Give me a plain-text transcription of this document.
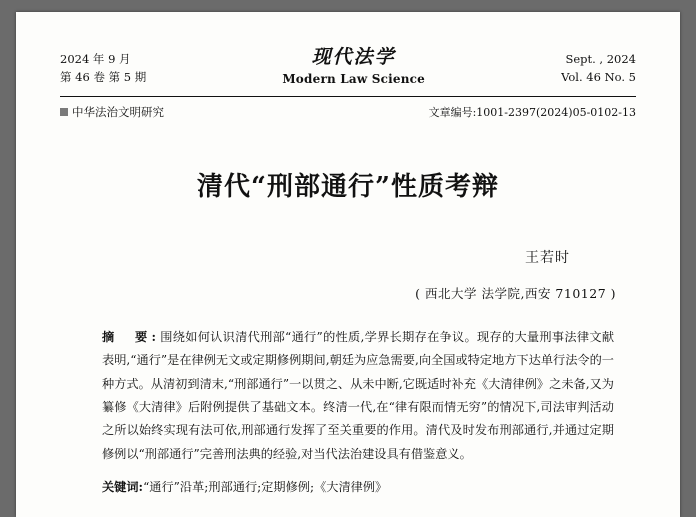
2024 年 9 月
第 46 卷 第 5 期
现代法学
Modern Law Science
Sept. , 2024
Vol. 46 No. 5
中华法治文明研究	文章编号:1001-2397(2024)05-0102-13
清代“刑部通行”性质考辩
王若时
( 西北大学 法学院,西安 710127 )
摘　要:围绕如何认识清代刑部“通行”的性质,学界长期存在争议。现存的大量刑事法律文献表明,“通行”是在律例无文或定期修例期间,朝廷为应急需要,向全国或特定地方下达单行法令的一种方式。从清初到清末,“刑部通行”一以贯之、从未中断,它既适时补充《大清律例》之未备,又为纂修《大清律》后附例提供了基础文本。终清一代,在“律有限而情无穷”的情况下,司法审判活动之所以始终实现有法可依,刑部通行发挥了至关重要的作用。清代及时发布刑部通行,并通过定期修例以“刑部通行”完善刑法典的经验,对当代法治建设具有借鉴意义。
关键词:“通行”沿革;刑部通行;定期修例;《大清律例》
